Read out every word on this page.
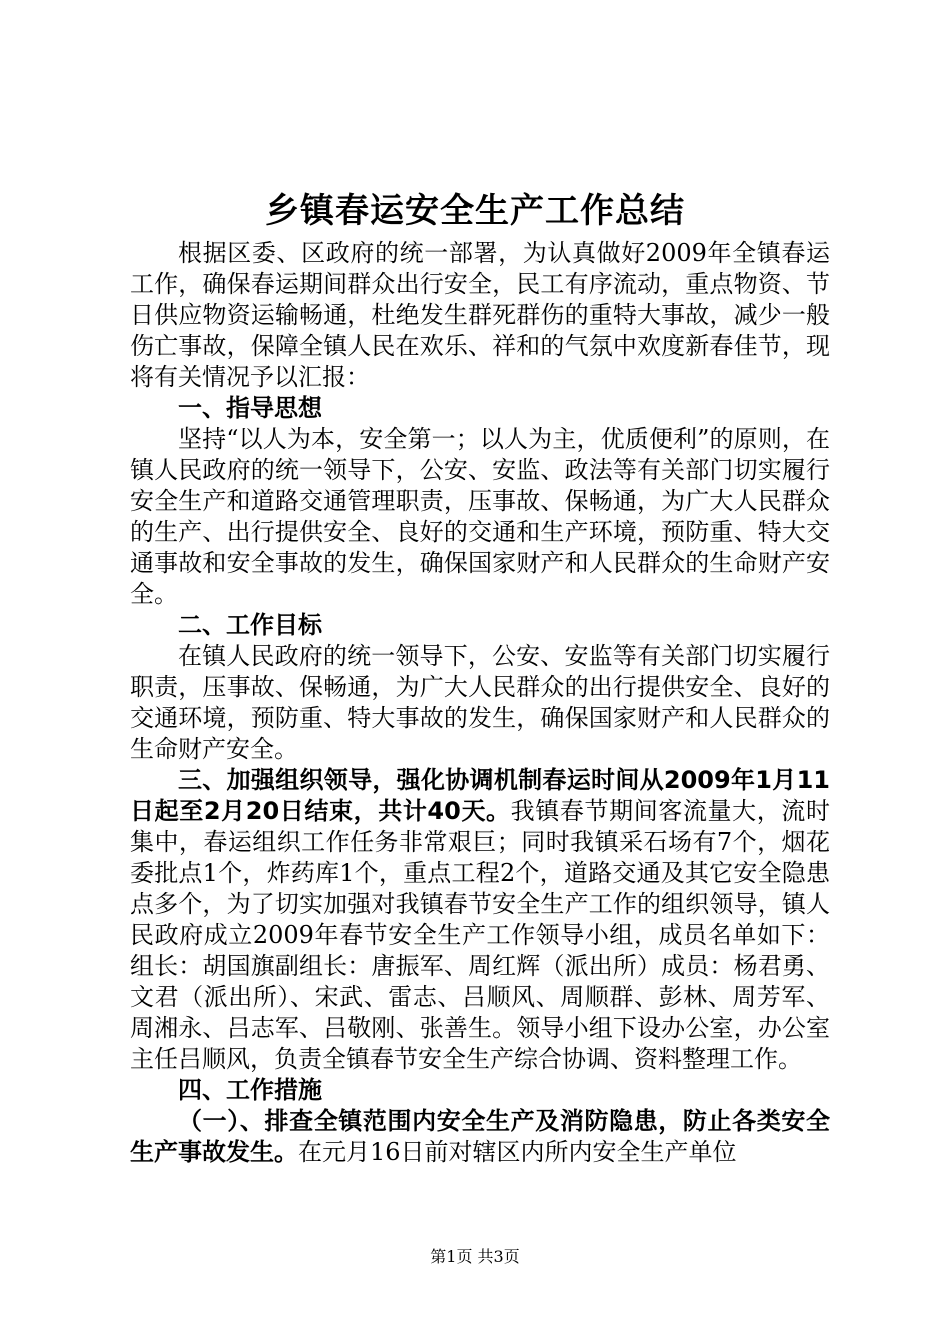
乡镇春运安全生产工作总结

根据区委、区政府的统一部署，为认真做好2009年全镇春运工作，确保春运期间群众出行安全，民工有序流动，重点物资、节日供应物资运输畅通，杜绝发生群死群伤的重特大事故，减少一般伤亡事故，保障全镇人民在欢乐、祥和的气氛中欢度新春佳节，现将有关情况予以汇报：

一、指导思想

坚持“以人为本，安全第一；以人为主，优质便利”的原则，在镇人民政府的统一领导下，公安、安监、政法等有关部门切实履行安全生产和道路交通管理职责，压事故、保畅通，为广大人民群众的生产、出行提供安全、良好的交通和生产环境，预防重、特大交通事故和安全事故的发生，确保国家财产和人民群众的生命财产安全。

二、工作目标

在镇人民政府的统一领导下，公安、安监等有关部门切实履行职责，压事故、保畅通，为广大人民群众的出行提供安全、良好的交通环境，预防重、特大事故的发生，确保国家财产和人民群众的生命财产安全。

三、加强组织领导，强化协调机制春运时间从2009年1月11日起至2月20日结束，共计40天。我镇春节期间客流量大，流时集中，春运组织工作任务非常艰巨；同时我镇采石场有7个，烟花委批点1个，炸药库1个，重点工程2个，道路交通及其它安全隐患点多个，为了切实加强对我镇春节安全生产工作的组织领导，镇人民政府成立2009年春节安全生产工作领导小组，成员名单如下：组长：胡国旗副组长：唐振军、周红辉（派出所）成员：杨君勇、文君（派出所）、宋武、雷志、吕顺风、周顺群、彭林、周芳军、周湘永、吕志军、吕敬刚、张善生。领导小组下设办公室，办公室主任吕顺风，负责全镇春节安全生产综合协调、资料整理工作。

四、工作措施

（一）、排查全镇范围内安全生产及消防隐患，防止各类安全生产事故发生。在元月16日前对辖区内所内安全生产单位

第1页 共3页
